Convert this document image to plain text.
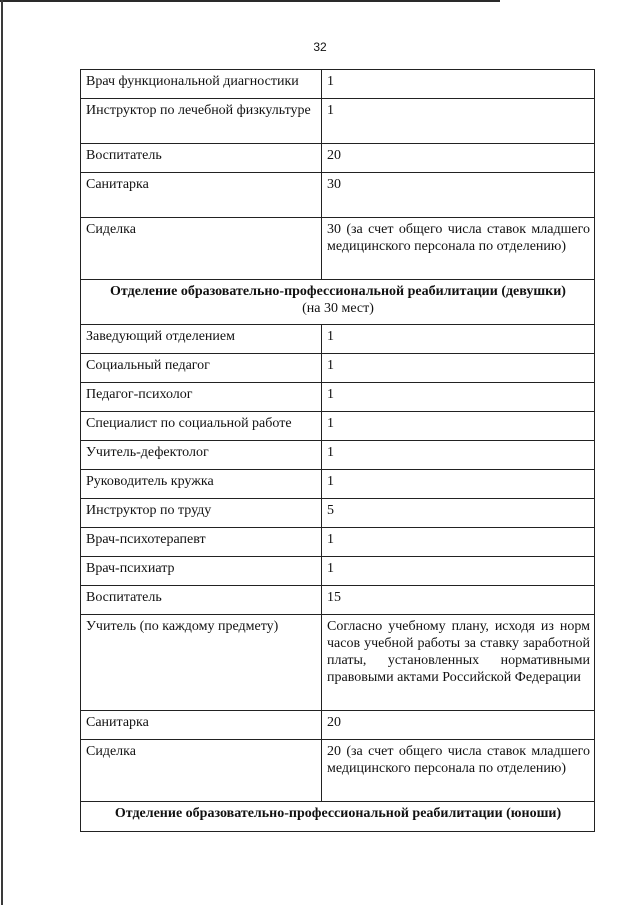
32
Врач функциональной диагностики	1
Инструктор по лечебной физкультуре	1
Воспитатель	20
Санитарка	30
Сиделка	30 (за счет общего числа ставок младшего медицинского персонала по отделению)

Отделение образовательно-профессиональной реабилитации (девушки)
(на 30 мест)	

Заведующий отделением	1
Социальный педагог	1
Педагог-психолог	1
Специалист по социальной работе	1
Учитель-дефектолог	1
Руководитель кружка	1
Инструктор по труду	5
Врач-психотерапевт	1
Врач-психиатр	1
Воспитатель	15
Учитель (по каждому предмету)	Согласно учебному плану, исходя из норм часов учебной работы за ставку заработной платы, установленных нормативными правовыми актами Российской Федерации
Санитарка	20
Сиделка	20 (за счет общего числа ставок младшего медицинского персонала по отделению)

Отделение образовательно-профессиональной реабилитации (юноши)	
